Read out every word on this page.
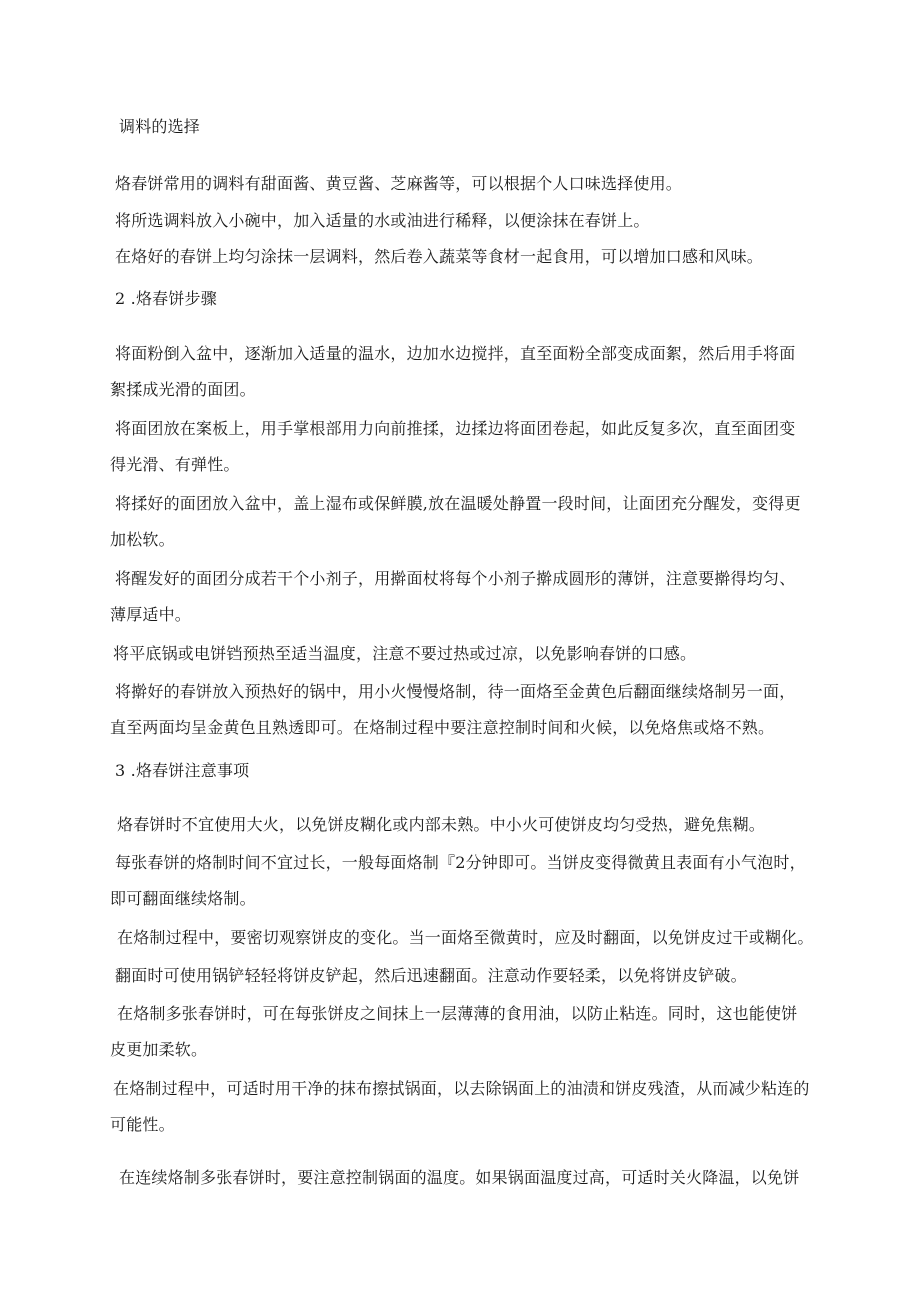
调料的选择
烙春饼常用的调料有甜面酱、黄豆酱、芝麻酱等，可以根据个人口味选择使用。
将所选调料放入小碗中，加入适量的水或油进行稀释，以便涂抹在春饼上。
在烙好的春饼上均匀涂抹一层调料，然后卷入蔬菜等食材一起食用，可以增加口感和风味。
2 .烙春饼步骤
将面粉倒入盆中，逐渐加入适量的温水，边加水边搅拌，直至面粉全部变成面絮，然后用手将面
絮揉成光滑的面团。
将面团放在案板上，用手掌根部用力向前推揉，边揉边将面团卷起，如此反复多次，直至面团变
得光滑、有弹性。
将揉好的面团放入盆中，盖上湿布或保鲜膜,放在温暖处静置一段时间，让面团充分醒发，变得更
加松软。
将醒发好的面团分成若干个小剂子，用擀面杖将每个小剂子擀成圆形的薄饼，注意要擀得均匀、
薄厚适中。
将平底锅或电饼铛预热至适当温度，注意不要过热或过凉，以免影响春饼的口感。
将擀好的春饼放入预热好的锅中，用小火慢慢烙制，待一面烙至金黄色后翻面继续烙制另一面，
直至两面均呈金黄色且熟透即可。在烙制过程中要注意控制时间和火候，以免烙焦或烙不熟。
3 .烙春饼注意事项
烙春饼时不宜使用大火，以免饼皮糊化或内部未熟。中小火可使饼皮均匀受热，避免焦糊。
每张春饼的烙制时间不宜过长，一般每面烙制『2分钟即可。当饼皮变得微黄且表面有小气泡时，
即可翻面继续烙制。
在烙制过程中，要密切观察饼皮的变化。当一面烙至微黄时，应及时翻面，以免饼皮过干或糊化。
翻面时可使用锅铲轻轻将饼皮铲起，然后迅速翻面。注意动作要轻柔，以免将饼皮铲破。
在烙制多张春饼时，可在每张饼皮之间抹上一层薄薄的食用油，以防止粘连。同时，这也能使饼
皮更加柔软。
在烙制过程中，可适时用干净的抹布擦拭锅面，以去除锅面上的油渍和饼皮残渣，从而减少粘连的
可能性。
在连续烙制多张春饼时，要注意控制锅面的温度。如果锅面温度过高，可适时关火降温，以免饼
